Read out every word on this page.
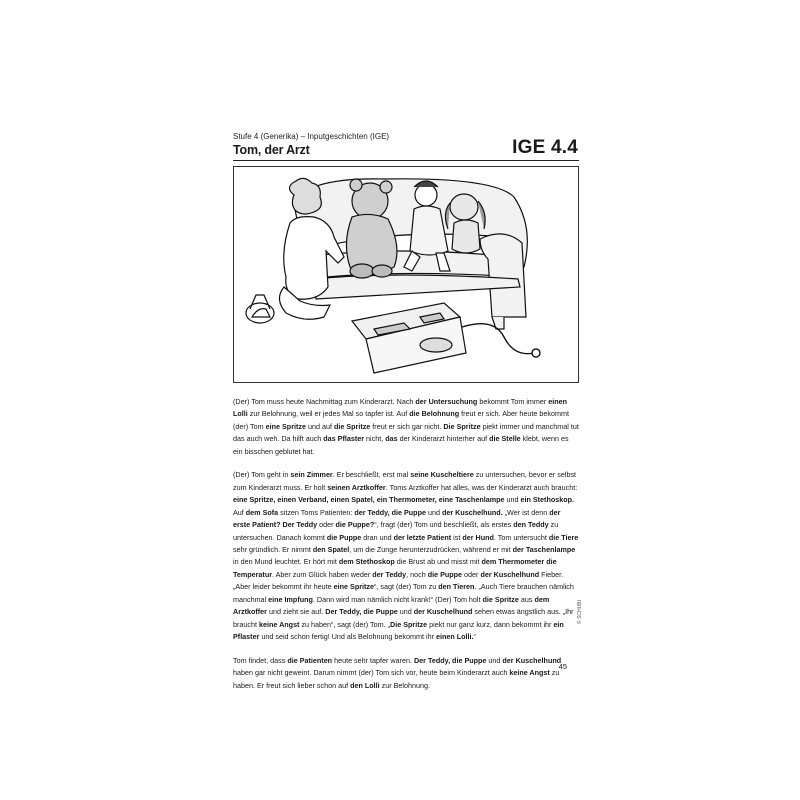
Stufe 4 (Generika) – Inputgeschichten (IGE)
Tom, der Arzt	IGE 4.4

(Der) Tom muss heute Nachmittag zum Kinderarzt. Nach der Untersuchung bekommt Tom immer einen Lolli zur Belohnung, weil er jedes Mal so tapfer ist. Auf die Belohnung freut er sich. Aber heute bekommt (der) Tom eine Spritze und auf die Spritze freut er sich gar nicht. Die Spritze piekt immer und manchmal tut das auch weh. Da hilft auch das Pflaster nicht, das der Kinderarzt hinterher auf die Stelle klebt, wenn es ein bisschen geblutet hat.

(Der) Tom geht in sein Zimmer. Er beschließt, erst mal seine Kuscheltiere zu untersuchen, bevor er selbst zum Kinderarzt muss. Er holt seinen Arztkoffer. Toms Arztkoffer hat alles, was der Kinderarzt auch braucht: eine Spritze, einen Verband, einen Spatel, ein Thermometer, eine Taschenlampe und ein Stethoskop. Auf dem Sofa sitzen Toms Patienten: der Teddy, die Puppe und der Kuschelhund. „Wer ist denn der erste Patient? Der Teddy oder die Puppe?“, fragt (der) Tom und beschließt, als erstes den Teddy zu untersuchen. Danach kommt die Puppe dran und der letzte Patient ist der Hund. Tom untersucht die Tiere sehr gründlich. Er nimmt den Spatel, um die Zunge herunterzudrücken, während er mit der Taschenlampe in den Mund leuchtet. Er hört mit dem Stethoskop die Brust ab und misst mit dem Thermometer die Temperatur. Aber zum Glück haben weder der Teddy, noch die Puppe oder der Kuschelhund Fieber. „Aber leider bekommt ihr heute eine Spritze“, sagt (der) Tom zu den Tieren. „Auch Tiere brauchen nämlich manchmal eine Impfung. Dann wird man nämlich nicht krank!“ (Der) Tom holt die Spritze aus dem Arztkoffer und zieht sie auf. Der Teddy, die Puppe und der Kuschelhund sehen etwas ängstlich aus. „Ihr braucht keine Angst zu haben“, sagt (der) Tom. „Die Spritze piekt nur ganz kurz, dann bekommt ihr ein Pflaster und seid schon fertig! Und als Belohnung bekommt ihr einen Lolli.“

Tom findet, dass die Patienten heute sehr tapfer waren. Der Teddy, die Puppe und der Kuschelhund haben gar nicht geweint. Darum nimmt (der) Tom sich vor, heute beim Kinderarzt auch keine Angst zu haben. Er freut sich lieber schon auf den Lolli zur Belohnung.

© SCHUBI
45
